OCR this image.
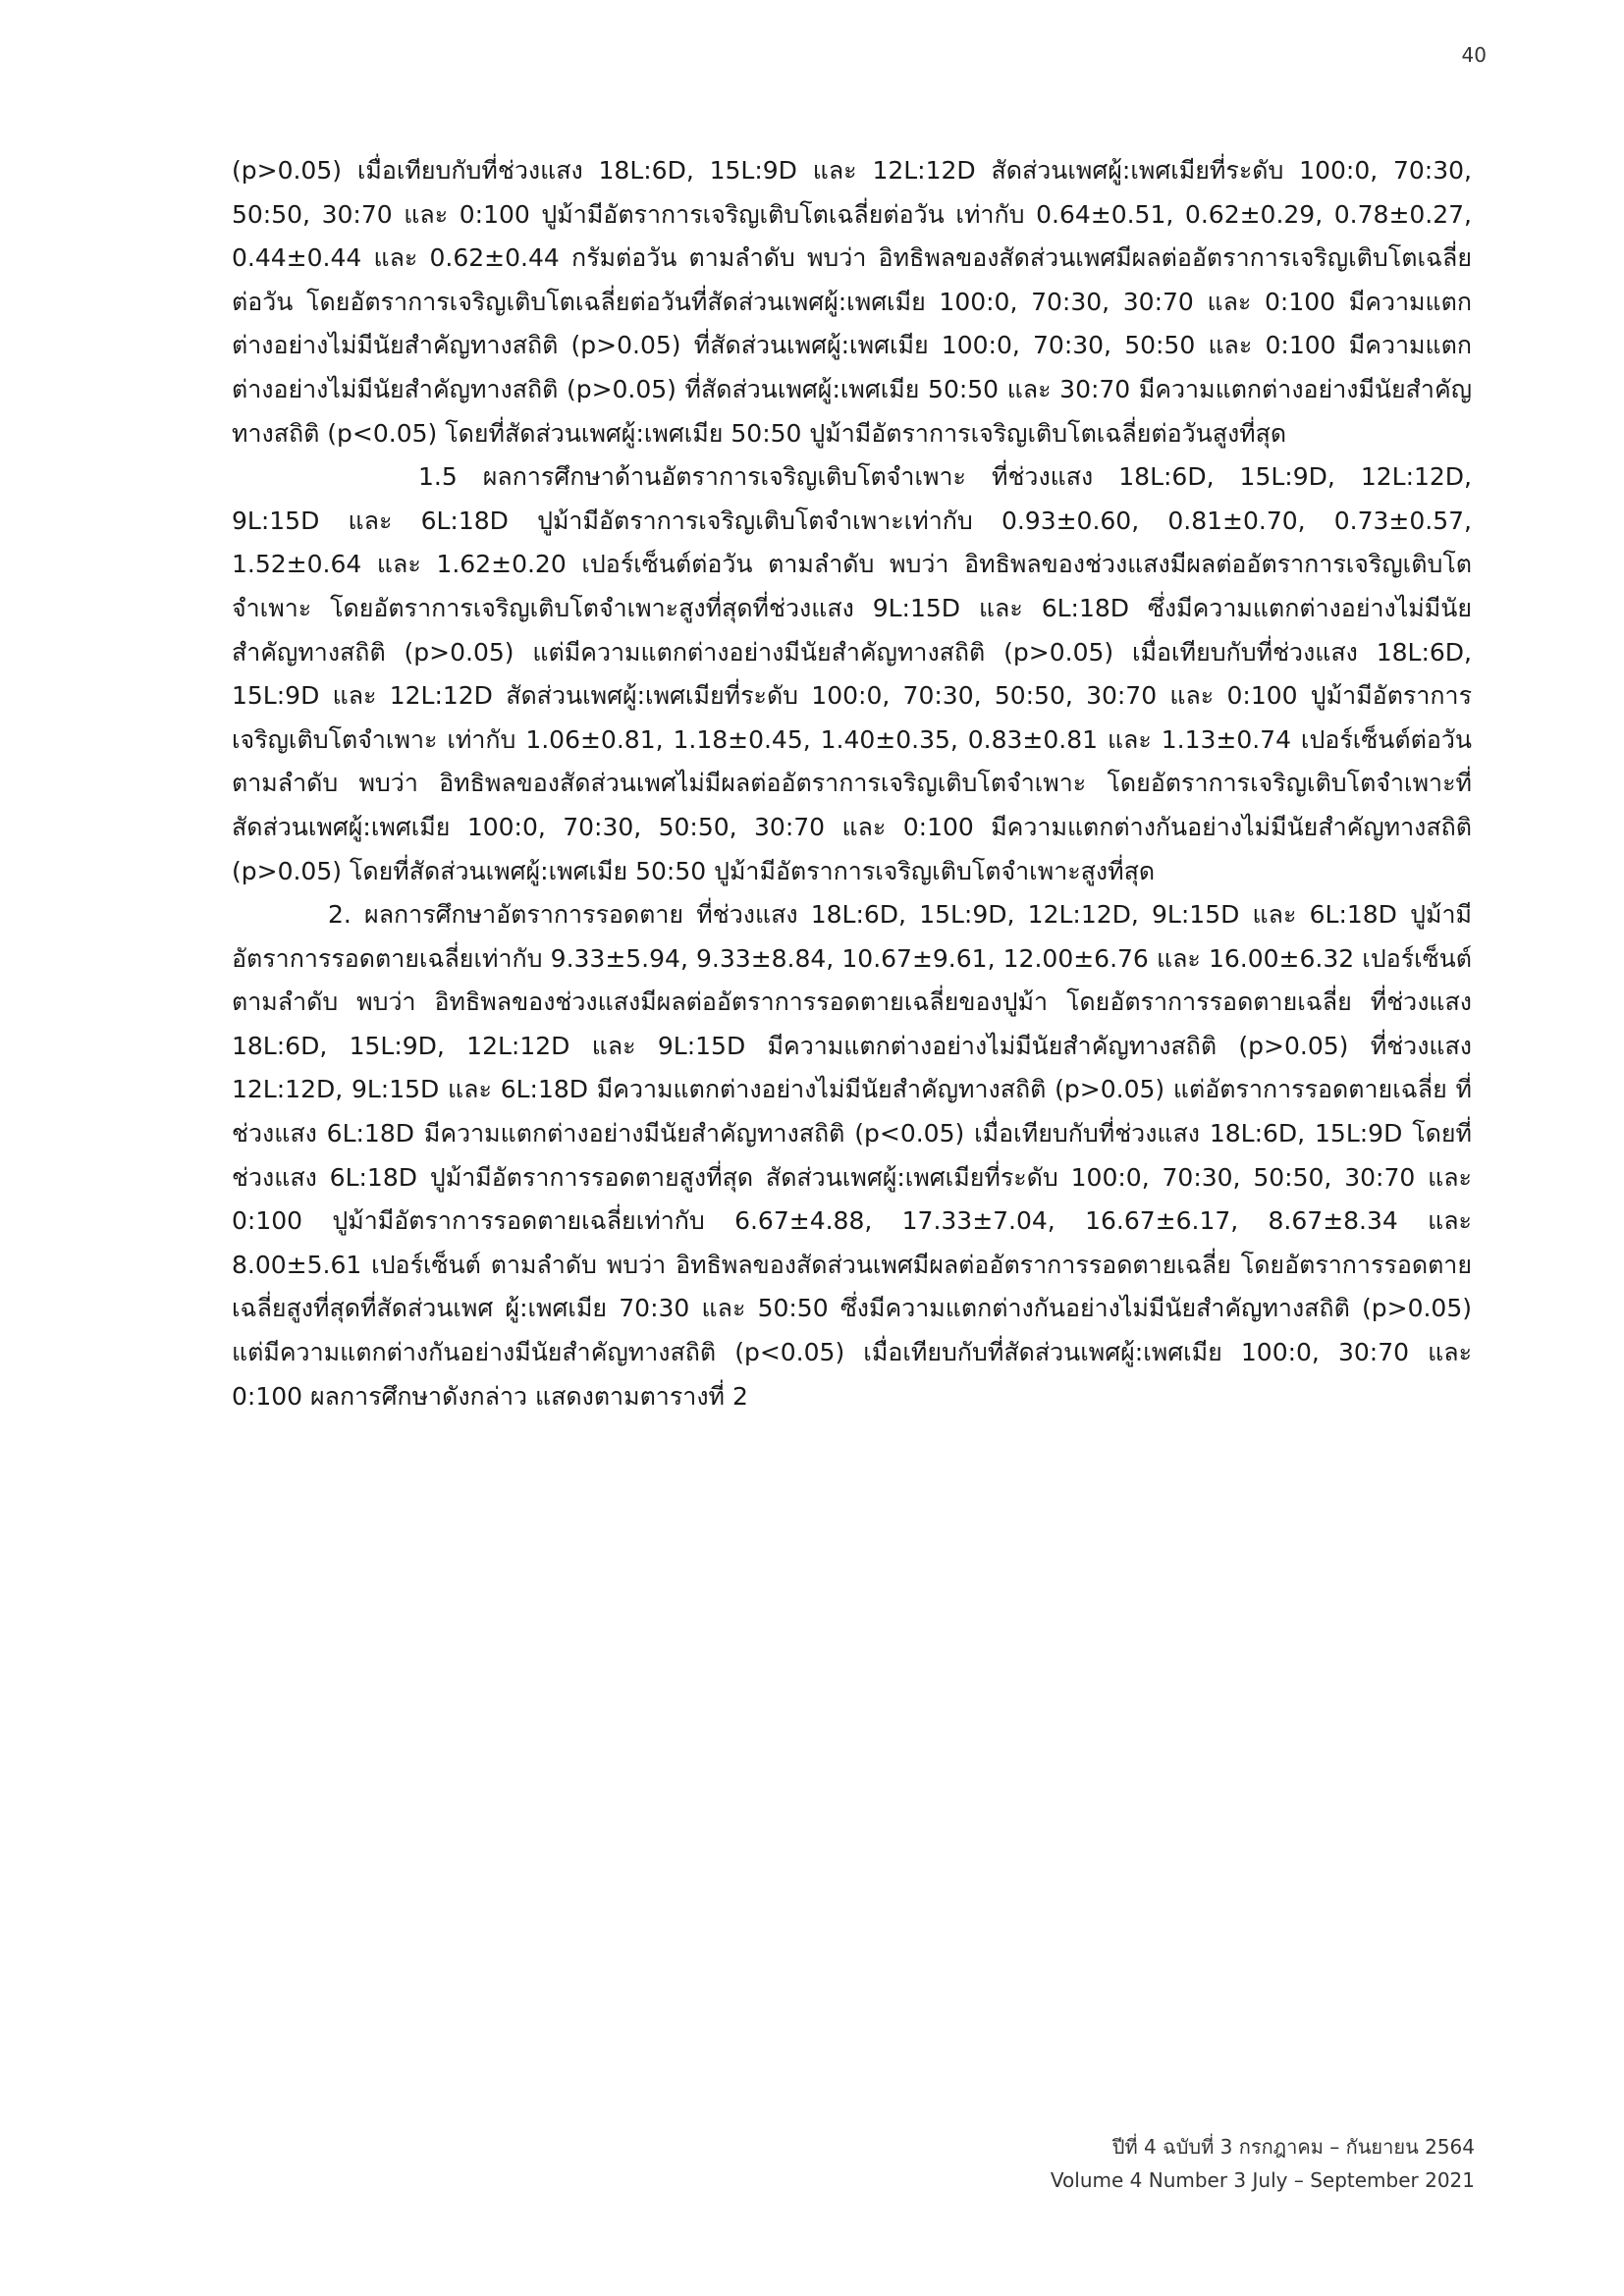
40

(p>0.05) เมื่อเทียบกับที่ช่วงแสง 18L:6D, 15L:9D และ 12L:12D สัดส่วนเพศผู้:เพศเมียที่ระดับ 100:0, 70:30, 50:50, 30:70 และ 0:100 ปูม้ามีอัตราการเจริญเติบโตเฉลี่ยต่อวัน เท่ากับ 0.64±0.51, 0.62±0.29, 0.78±0.27, 0.44±0.44 และ 0.62±0.44 กรัมต่อวัน ตามลำดับ พบว่า อิทธิพลของสัดส่วนเพศมีผลต่ออัตราการเจริญเติบโตเฉลี่ยต่อวัน โดยอัตราการเจริญเติบโตเฉลี่ยต่อวันที่สัดส่วนเพศผู้:เพศเมีย 100:0, 70:30, 30:70 และ 0:100 มีความแตกต่างอย่างไม่มีนัยสำคัญทางสถิติ (p>0.05) ที่สัดส่วนเพศผู้:เพศเมีย 100:0, 70:30, 50:50 และ 0:100 มีความแตกต่างอย่างไม่มีนัยสำคัญทางสถิติ (p>0.05) ที่สัดส่วนเพศผู้:เพศเมีย 50:50 และ 30:70 มีความแตกต่างอย่างมีนัยสำคัญทางสถิติ (p<0.05) โดยที่สัดส่วนเพศผู้:เพศเมีย 50:50 ปูม้ามีอัตราการเจริญเติบโตเฉลี่ยต่อวันสูงที่สุด

1.5 ผลการศึกษาด้านอัตราการเจริญเติบโตจำเพาะ ที่ช่วงแสง 18L:6D, 15L:9D, 12L:12D, 9L:15D และ 6L:18D ปูม้ามีอัตราการเจริญเติบโตจำเพาะเท่ากับ 0.93±0.60, 0.81±0.70, 0.73±0.57, 1.52±0.64 และ 1.62±0.20 เปอร์เซ็นต์ต่อวัน ตามลำดับ พบว่า อิทธิพลของช่วงแสงมีผลต่ออัตราการเจริญเติบโตจำเพาะ โดยอัตราการเจริญเติบโตจำเพาะสูงที่สุดที่ช่วงแสง 9L:15D และ 6L:18D ซึ่งมีความแตกต่างอย่างไม่มีนัยสำคัญทางสถิติ (p>0.05) แต่มีความแตกต่างอย่างมีนัยสำคัญทางสถิติ (p>0.05) เมื่อเทียบกับที่ช่วงแสง 18L:6D, 15L:9D และ 12L:12D สัดส่วนเพศผู้:เพศเมียที่ระดับ 100:0, 70:30, 50:50, 30:70 และ 0:100 ปูม้ามีอัตราการเจริญเติบโตจำเพาะ เท่ากับ 1.06±0.81, 1.18±0.45, 1.40±0.35, 0.83±0.81 และ 1.13±0.74 เปอร์เซ็นต์ต่อวัน ตามลำดับ พบว่า อิทธิพลของสัดส่วนเพศไม่มีผลต่ออัตราการเจริญเติบโตจำเพาะ โดยอัตราการเจริญเติบโตจำเพาะที่สัดส่วนเพศผู้:เพศเมีย 100:0, 70:30, 50:50, 30:70 และ 0:100 มีความแตกต่างกันอย่างไม่มีนัยสำคัญทางสถิติ (p>0.05) โดยที่สัดส่วนเพศผู้:เพศเมีย 50:50 ปูม้ามีอัตราการเจริญเติบโตจำเพาะสูงที่สุด

2. ผลการศึกษาอัตราการรอดตาย ที่ช่วงแสง 18L:6D, 15L:9D, 12L:12D, 9L:15D และ 6L:18D ปูม้ามีอัตราการรอดตายเฉลี่ยเท่ากับ 9.33±5.94, 9.33±8.84, 10.67±9.61, 12.00±6.76 และ 16.00±6.32 เปอร์เซ็นต์ ตามลำดับ พบว่า อิทธิพลของช่วงแสงมีผลต่ออัตราการรอดตายเฉลี่ยของปูม้า โดยอัตราการรอดตายเฉลี่ย ที่ช่วงแสง 18L:6D, 15L:9D, 12L:12D และ 9L:15D มีความแตกต่างอย่างไม่มีนัยสำคัญทางสถิติ (p>0.05) ที่ช่วงแสง 12L:12D, 9L:15D และ 6L:18D มีความแตกต่างอย่างไม่มีนัยสำคัญทางสถิติ (p>0.05) แต่อัตราการรอดตายเฉลี่ย ที่ช่วงแสง 6L:18D มีความแตกต่างอย่างมีนัยสำคัญทางสถิติ (p<0.05) เมื่อเทียบกับที่ช่วงแสง 18L:6D, 15L:9D โดยที่ช่วงแสง 6L:18D ปูม้ามีอัตราการรอดตายสูงที่สุด สัดส่วนเพศผู้:เพศเมียที่ระดับ 100:0, 70:30, 50:50, 30:70 และ 0:100 ปูม้ามีอัตราการรอดตายเฉลี่ยเท่ากับ 6.67±4.88, 17.33±7.04, 16.67±6.17, 8.67±8.34 และ 8.00±5.61 เปอร์เซ็นต์ ตามลำดับ พบว่า อิทธิพลของสัดส่วนเพศมีผลต่ออัตราการรอดตายเฉลี่ย โดยอัตราการรอดตายเฉลี่ยสูงที่สุดที่สัดส่วนเพศ ผู้:เพศเมีย 70:30 และ 50:50 ซึ่งมีความแตกต่างกันอย่างไม่มีนัยสำคัญทางสถิติ (p>0.05) แต่มีความแตกต่างกันอย่างมีนัยสำคัญทางสถิติ (p<0.05) เมื่อเทียบกับที่สัดส่วนเพศผู้:เพศเมีย 100:0, 30:70 และ 0:100 ผลการศึกษาดังกล่าว แสดงตามตารางที่ 2

ปีที่ 4 ฉบับที่ 3 กรกฎาคม – กันยายน 2564
Volume 4 Number 3 July – September 2021
